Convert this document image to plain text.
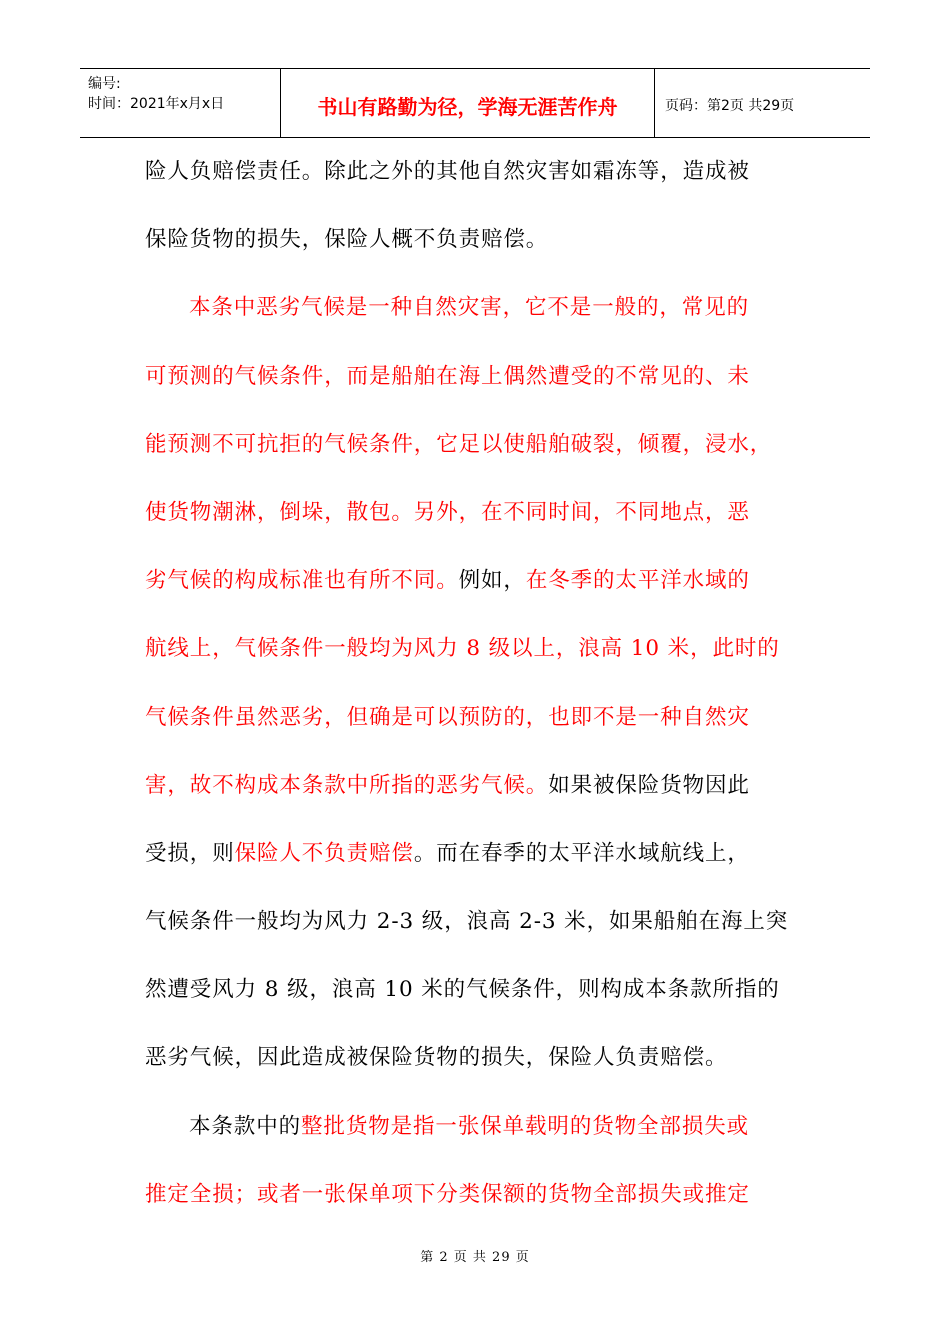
编号:
时间：2021年x月x日	书山有路勤为径，学海无涯苦作舟	页码：第2页 共29页
险人负赔偿责任。除此之外的其他自然灾害如霜冻等，造成被
保险货物的损失，保险人概不负责赔偿。
本条中恶劣气候是一种自然灾害，它不是一般的，常见的
可预测的气候条件，而是船舶在海上偶然遭受的不常见的、未
能预测不可抗拒的气候条件，它足以使船舶破裂，倾覆，浸水，
使货物潮淋，倒垛，散包。另外，在不同时间，不同地点，恶
劣气候的构成标准也有所不同。例如，在冬季的太平洋水域的
航线上，气候条件一般均为风力 8 级以上，浪高 10 米，此时的
气候条件虽然恶劣，但确是可以预防的，也即不是一种自然灾
害，故不构成本条款中所指的恶劣气候。如果被保险货物因此
受损，则保险人不负责赔偿。而在春季的太平洋水域航线上，
气候条件一般均为风力 2-3 级，浪高 2-3 米，如果船舶在海上突
然遭受风力 8 级，浪高 10 米的气候条件，则构成本条款所指的
恶劣气候，因此造成被保险货物的损失，保险人负责赔偿。
本条款中的整批货物是指一张保单载明的货物全部损失或
推定全损；或者一张保单项下分类保额的货物全部损失或推定
第 2 页 共 29 页
